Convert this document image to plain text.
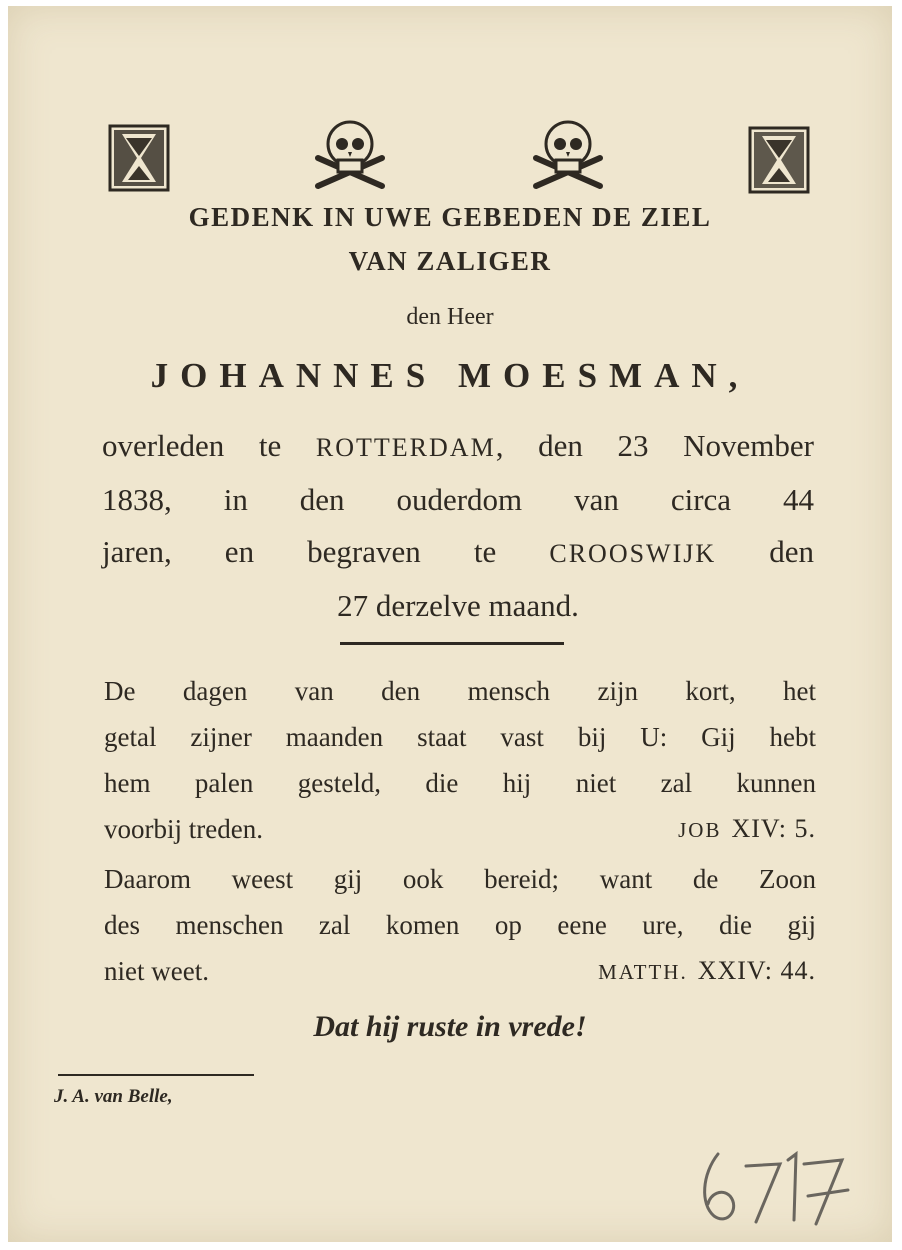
GEDENK IN UWE GEBEDEN DE ZIEL
VAN ZALIGER
den Heer
JOHANNES MOESMAN,
overleden te ROTTERDAM, den 23 November
1838, in den ouderdom van circa 44
jaren, en begraven te CROOSWIJK den
27 derzelve maand.
De dagen van den mensch zijn kort, het
getal zijner maanden staat vast bij U: Gij hebt
hem palen gesteld, die hij niet zal kunnen
voorbij treden.	JOB XIV: 5.
Daarom weest gij ook bereid; want de Zoon
des menschen zal komen op eene ure, die gij
niet weet.	MATTH. XXIV: 44.
Dat hij ruste in vrede!
J. A. van Belle,
